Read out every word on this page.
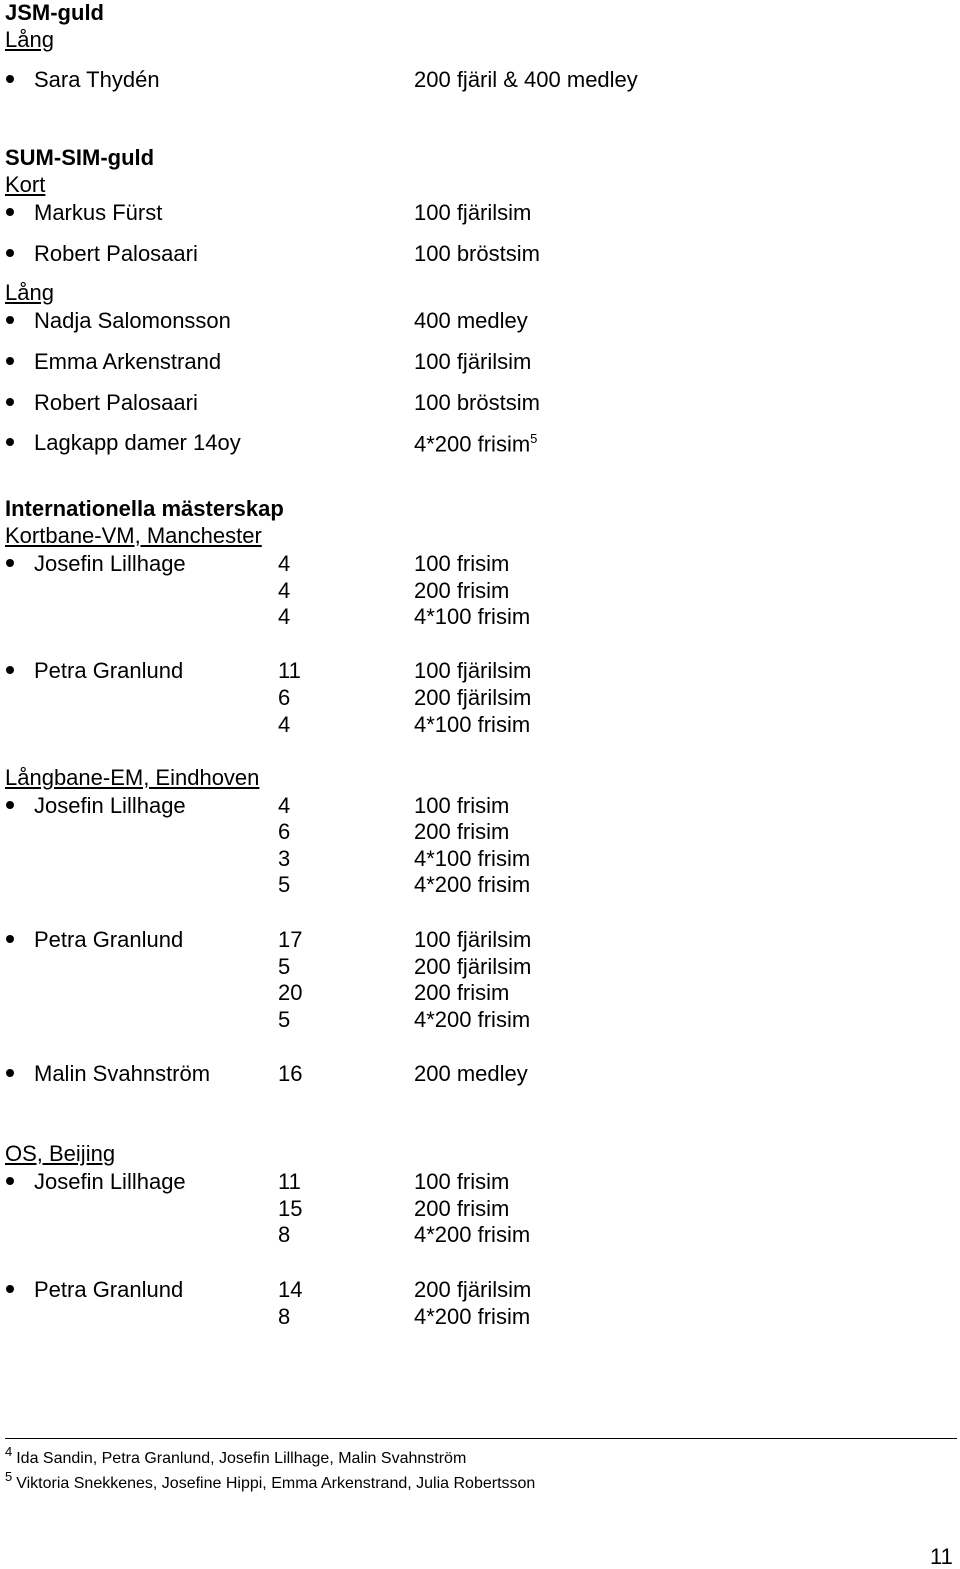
JSM-guld
Lång
Sara Thydén	200 fjäril & 400 medley
SUM-SIM-guld
Kort
Markus Fürst	100 fjärilsim
Robert Palosaari	100 bröstsim
Lång
Nadja Salomonsson	400 medley
Emma Arkenstrand	100 fjärilsim
Robert Palosaari	100 bröstsim
Lagkapp damer 14oy	4*200 frisim$^5$
Internationella mästerskap
Kortbane-VM, Manchester
Josefin Lillhage	4	100 frisim
4	200 frisim
4	4*100 frisim
Petra Granlund	11	100 fjärilsim
6	200 fjärilsim
4	4*100 frisim
Långbane-EM, Eindhoven
Josefin Lillhage	4	100 frisim
6	200 frisim
3	4*100 frisim
5	4*200 frisim
Petra Granlund	17	100 fjärilsim
5	200 fjärilsim
20	200 frisim
5	4*200 frisim
Malin Svahnström	16	200 medley
OS, Beijing
Josefin Lillhage	11	100 frisim
15	200 frisim
8	4*200 frisim
Petra Granlund	14	200 fjärilsim
8	4*200 frisim
$^4$ Ida Sandin, Petra Granlund, Josefin Lillhage, Malin Svahnström
$^5$ Viktoria Snekkenes, Josefine Hippi, Emma Arkenstrand, Julia Robertsson
11
